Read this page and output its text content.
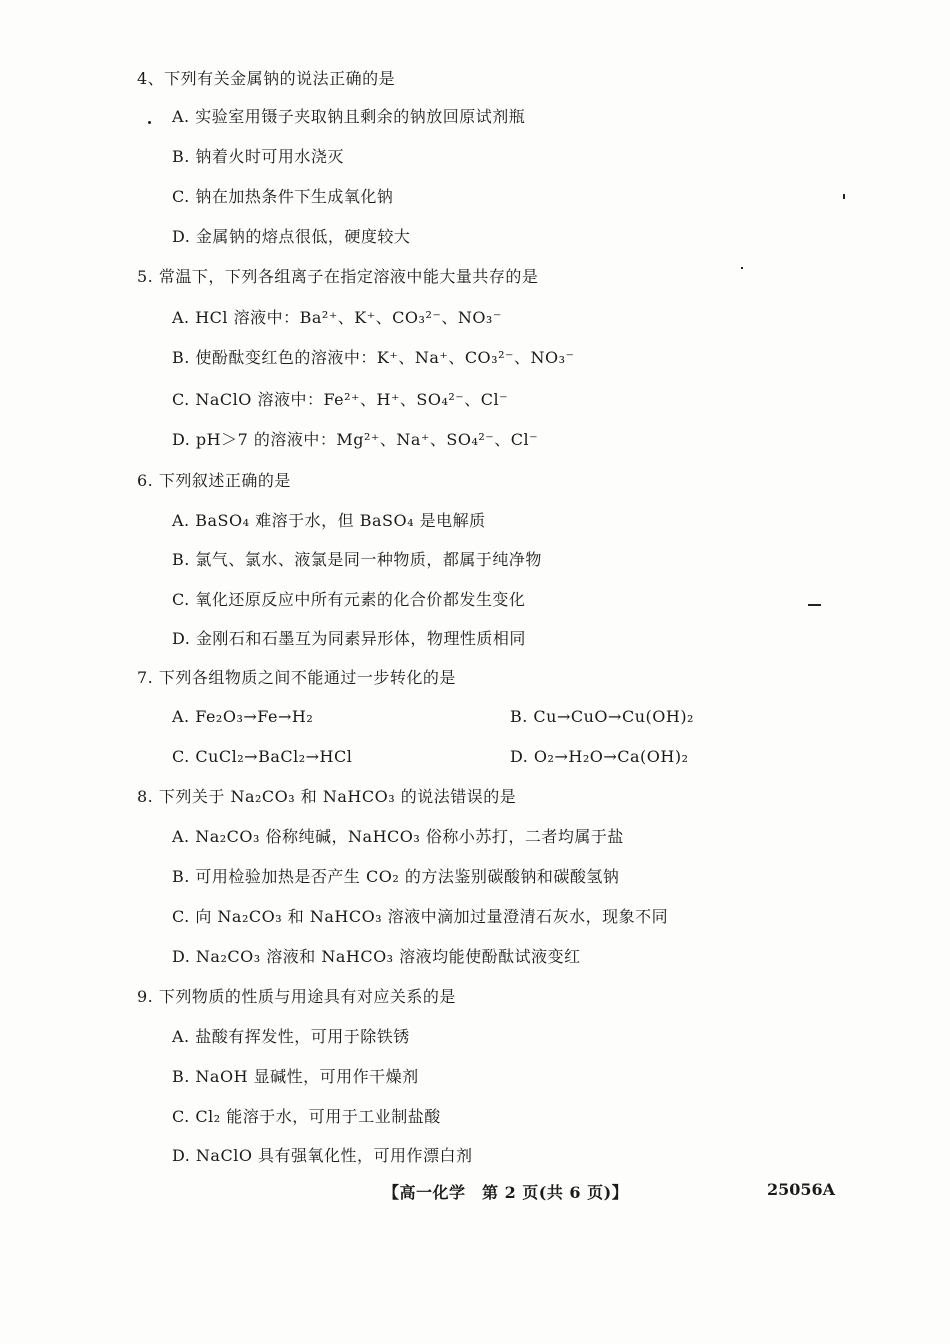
4、下列有关金属钠的说法正确的是
A. 实验室用镊子夹取钠且剩余的钠放回原试剂瓶
B. 钠着火时可用水浇灭
C. 钠在加热条件下生成氧化钠
D. 金属钠的熔点很低，硬度较大
5. 常温下，下列各组离子在指定溶液中能大量共存的是
A. HCl 溶液中：Ba²⁺、K⁺、CO₃²⁻、NO₃⁻
B. 使酚酞变红色的溶液中：K⁺、Na⁺、CO₃²⁻、NO₃⁻
C. NaClO 溶液中：Fe²⁺、H⁺、SO₄²⁻、Cl⁻
D. pH＞7 的溶液中：Mg²⁺、Na⁺、SO₄²⁻、Cl⁻
6. 下列叙述正确的是
A. BaSO₄ 难溶于水，但 BaSO₄ 是电解质
B. 氯气、氯水、液氯是同一种物质，都属于纯净物
C. 氧化还原反应中所有元素的化合价都发生变化
D. 金刚石和石墨互为同素异形体，物理性质相同
7. 下列各组物质之间不能通过一步转化的是
A. Fe₂O₃→Fe→H₂	B. Cu→CuO→Cu(OH)₂
C. CuCl₂→BaCl₂→HCl	D. O₂→H₂O→Ca(OH)₂
8. 下列关于 Na₂CO₃ 和 NaHCO₃ 的说法错误的是
A. Na₂CO₃ 俗称纯碱，NaHCO₃ 俗称小苏打，二者均属于盐
B. 可用检验加热是否产生 CO₂ 的方法鉴别碳酸钠和碳酸氢钠
C. 向 Na₂CO₃ 和 NaHCO₃ 溶液中滴加过量澄清石灰水，现象不同
D. Na₂CO₃ 溶液和 NaHCO₃ 溶液均能使酚酞试液变红
9. 下列物质的性质与用途具有对应关系的是
A. 盐酸有挥发性，可用于除铁锈
B. NaOH 显碱性，可用作干燥剂
C. Cl₂ 能溶于水，可用于工业制盐酸
D. NaClO 具有强氧化性，可用作漂白剂
【高一化学　第 2 页(共 6 页)】	25056A
